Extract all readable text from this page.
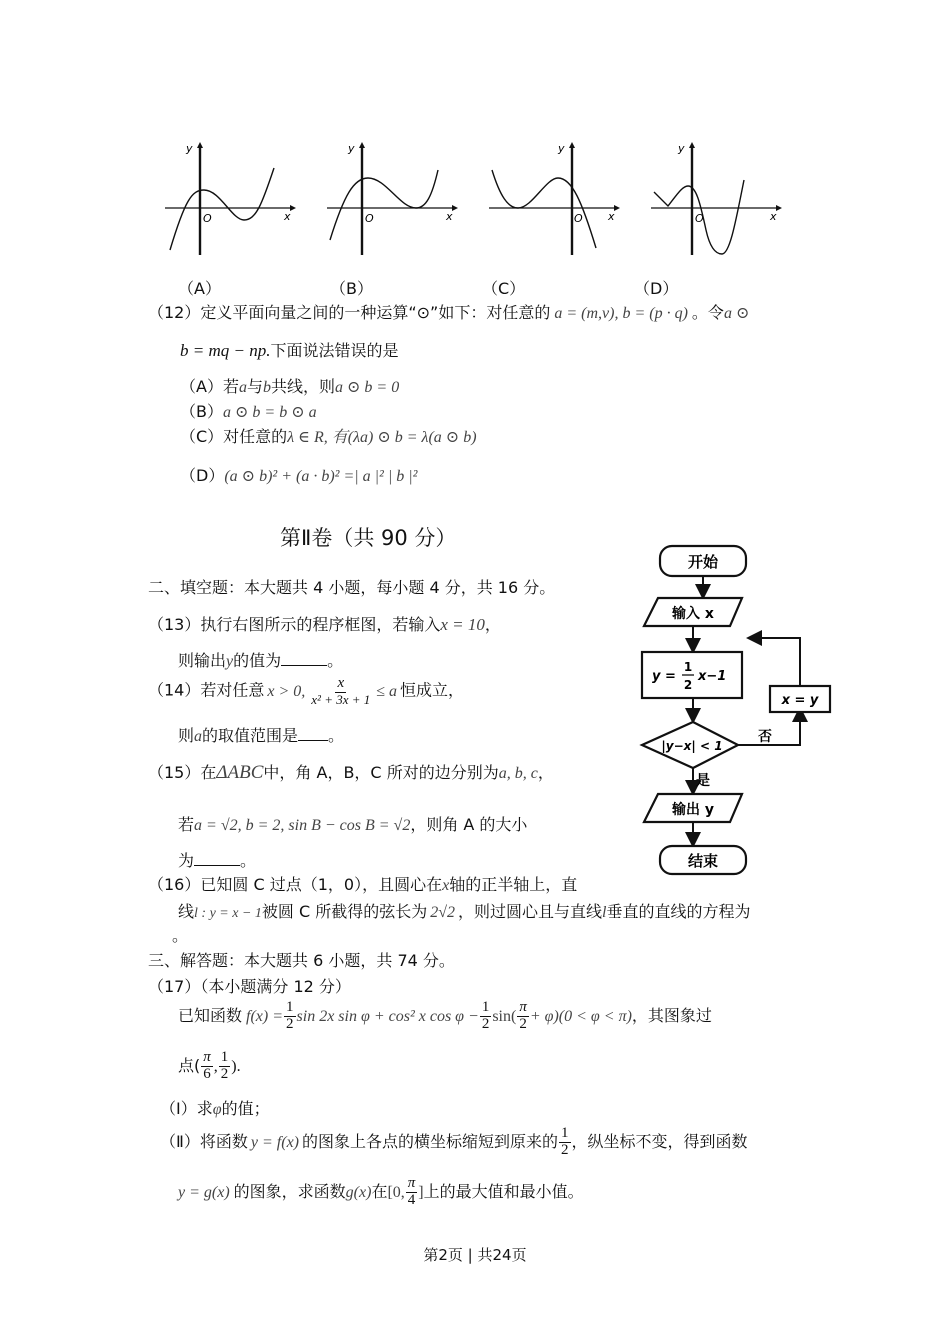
y
x
O
y
x
O
y
x
O
y
x
O
（A）	（B）	（C）	（D）
（12）定义平面向量之间的一种运算“⊙”如下：对任意的 a = (m,v), b = (p · q) 。令a ⊙
b = mq − np.下面说法错误的是
（A）若a与b共线，则a ⊙ b = 0
（B）a ⊙ b = b ⊙ a
（C）对任意的λ ∈ R, 有(λa) ⊙ b = λ(a ⊙ b)
（D）(a ⊙ b)² + (a · b)² =| a |² | b |²
第Ⅱ卷（共 90 分）
二、填空题：本大题共 4 小题，每小题 4 分，共 16 分。
（13）执行右图所示的程序框图，若输入x = 10，
则输出y的值为	。
（14）若对任意 x > 0, $\frac{x}{\text{x² + 3x + 1}} \le a$ 恒成立，
则a的取值范围是 。
（15）在ΔABC中，角 A，B，C 所对的边分别为a, b, c，
若a = √2, b = 2, sin B − cos B = √2，则角 A 的大小
为	。
（16）已知圆 C 过点（1，0），且圆心在x轴的正半轴上，直
线l : y = x − 1被圆 C 所截得的弦长为 2√2 ，则过圆心且与直线l垂直的直线的方程为
。
三、解答题：本大题共 6 小题，共 74 分。
（17）（本小题满分 12 分）
已知函数 $f(x) = \frac{1}{2}$ sin 2x sin φ + cos² x $\cos \varphi - \frac{1}{2} \sin( \frac{\pi}{2} + \varphi)(0 < \varphi < \pi)$，其图象过
点( $\frac{\pi}{6}$ , $\frac{1}{2}$ ).
（Ⅰ）求φ的值；
（Ⅱ）将函数 y = f(x) 的图象上各点的横坐标缩短到原来的 $\frac{1}{2}$ ，纵坐标不变，得到函数
y = g(x) 的图象，求函数g(x)在[0, $\frac{\pi}{4}$ ]上的最大值和最小值。
开始
输入 x
y =
1
2
x−1
|y−x| < 1
否
x = y
是
输出 y
结束
第2页 | 共24页
